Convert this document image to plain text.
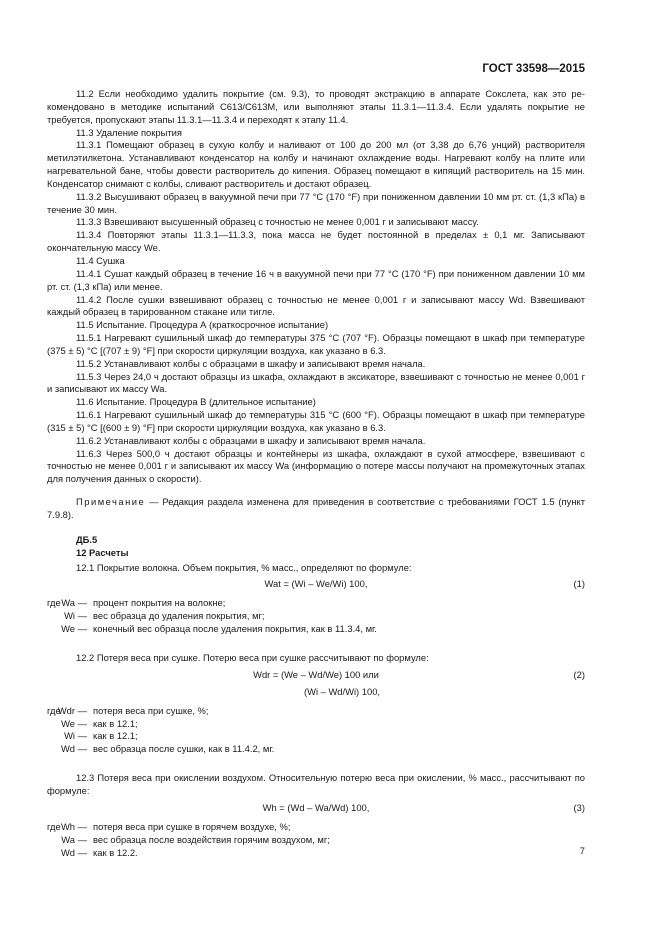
ГОСТ 33598—2015

11.2 Если необходимо удалить покрытие (см. 9.3), то проводят экстракцию в аппарате Сокслета, как это рекомендовано в методике испытаний C613/C613M, или выполняют этапы 11.3.1—11.3.4. Если удалять покрытие не требуется, пропускают этапы 11.3.1—11.3.4 и переходят к этапу 11.4.

11.3 Удаление покрытия

11.3.1 Помещают образец в сухую колбу и наливают от 100 до 200 мл (от 3,38 до 6,76 унций) растворителя метилэтилкетона. Устанавливают конденсатор на колбу и начинают охлаждение воды. Нагревают колбу на плите или нагревательной бане, чтобы довести растворитель до кипения. Образец помещают в кипящий растворитель на 15 мин. Конденсатор снимают с колбы, сливают растворитель и достают образец.

11.3.2 Высушивают образец в вакуумной печи при 77 °C (170 °F) при пониженном давлении 10 мм рт. ст. (1,3 кПа) в течение 30 мин.

11.3.3 Взвешивают высушенный образец с точностью не менее 0,001 г и записывают массу.

11.3.4 Повторяют этапы 11.3.1—11.3.3, пока масса не будет постоянной в пределах ± 0,1 мг. Записывают окончательную массу We.

11.4 Сушка

11.4.1 Сушат каждый образец в течение 16 ч в вакуумной печи при 77 °C (170 °F) при пониженном давлении 10 мм рт. ст. (1,3 кПа) или менее.

11.4.2 После сушки взвешивают образец с точностью не менее 0,001 г и записывают массу Wd. Взвешивают каждый образец в тарированном стакане или тигле.

11.5 Испытание. Процедура А (краткосрочное испытание)

11.5.1 Нагревают сушильный шкаф до температуры 375 °C (707 °F). Образцы помещают в шкаф при температуре (375 ± 5) °C [(707 ± 9) °F] при скорости циркуляции воздуха, как указано в 6.3.

11.5.2 Устанавливают колбы с образцами в шкафу и записывают время начала.

11.5.3 Через 24,0 ч достают образцы из шкафа, охлаждают в эксикаторе, взвешивают с точностью не менее 0,001 г и записывают их массу Wa.

11.6 Испытание. Процедура B (длительное испытание)

11.6.1 Нагревают сушильный шкаф до температуры 315 °C (600 °F). Образцы помещают в шкаф при температуре (315 ± 5) °C [(600 ± 9) °F] при скорости циркуляции воздуха, как указано в 6.3.

11.6.2 Устанавливают колбы с образцами в шкафу и записывают время начала.

11.6.3 Через 500,0 ч достают образцы и контейнеры из шкафа, охлаждают в сухой атмосфере, взвешивают с точностью не менее 0,001 г и записывают их массу Wa (информацию о потере массы получают на промежуточных этапах для получения данных о скорости).

Примечание — Редакция раздела изменена для приведения в соответствие с требованиями ГОСТ 1.5 (пункт 7.9.8).

ДБ.5

12 Расчеты

12.1 Покрытие волокна. Объем покрытия, % масс., определяют по формуле:

Wat = (Wi – We/Wi) 100,	(1)
где Wa — процент покрытия на волокне;
Wi — вес образца до удаления покрытия, мг;
We — конечный вес образца после удаления покрытия, как в 11.3.4, мг.

12.2 Потеря веса при сушке. Потерю веса при сушке рассчитывают по формуле:

Wdr = (We – Wd/We) 100 или	(2)
(Wi – Wd/Wi) 100,
где
Wdr — потеря веса при сушке, %;
We — как в 12.1;
Wi — как в 12.1;
Wd — вес образца после сушки, как в 11.4.2, мг.

12.3 Потеря веса при окислении воздухом. Относительную потерю веса при окислении, % масс., рассчитывают по формуле:

Wh = (Wd – Wa/Wd) 100,	(3)
где Wh — потеря веса при сушке в горячем воздухе, %;
Wa — вес образца после воздействия горячим воздухом, мг;
Wd — как в 12.2.	7
